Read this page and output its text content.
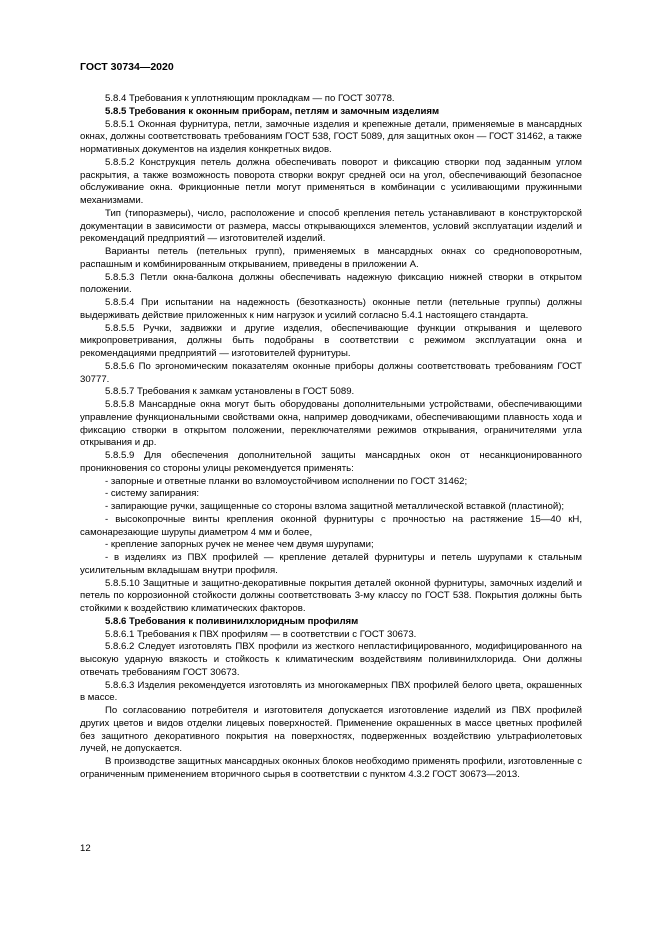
ГОСТ 30734—2020

5.8.4 Требования к уплотняющим прокладкам — по ГОСТ 30778.

5.8.5 Требования к оконным приборам, петлям и замочным изделиям

5.8.5.1 Оконная фурнитура, петли, замочные изделия и крепежные детали, применяемые в мансардных окнах, должны соответствовать требованиям ГОСТ 538, ГОСТ 5089, для защитных окон — ГОСТ 31462, а также нормативных документов на изделия конкретных видов.

5.8.5.2 Конструкция петель должна обеспечивать поворот и фиксацию створки под заданным углом раскрытия, а также возможность поворота створки вокруг средней оси на угол, обеспечивающий безопасное обслуживание окна. Фрикционные петли могут применяться в комбинации с усиливающими пружинными механизмами.

Тип (типоразмеры), число, расположение и способ крепления петель устанавливают в конструкторской документации в зависимости от размера, массы открывающихся элементов, условий эксплуатации изделий и рекомендаций предприятий — изготовителей изделий.

Варианты петель (петельных групп), применяемых в мансардных окнах со средноповоротным, распашным и комбинированным открыванием, приведены в приложении А.

5.8.5.3 Петли окна-балкона должны обеспечивать надежную фиксацию нижней створки в открытом положении.

5.8.5.4 При испытании на надежность (безотказность) оконные петли (петельные группы) должны выдерживать действие приложенных к ним нагрузок и усилий согласно 5.4.1 настоящего стандарта.

5.8.5.5 Ручки, задвижки и другие изделия, обеспечивающие функции открывания и щелевого микропроветривания, должны быть подобраны в соответствии с режимом эксплуатации окна и рекомендациями предприятий — изготовителей фурнитуры.

5.8.5.6 По эргономическим показателям оконные приборы должны соответствовать требованиям ГОСТ 30777.

5.8.5.7 Требования к замкам установлены в ГОСТ 5089.

5.8.5.8 Мансардные окна могут быть оборудованы дополнительными устройствами, обеспечивающими управление функциональными свойствами окна, например доводчиками, обеспечивающими плавность хода и фиксацию створки в открытом положении, переключателями режимов открывания, ограничителями угла открывания и др.

5.8.5.9 Для обеспечения дополнительной защиты мансардных окон от несанкционированного проникновения со стороны улицы рекомендуется применять:

- запорные и ответные планки во взломоустойчивом исполнении по ГОСТ 31462;

- систему запирания:

- запирающие ручки, защищенные со стороны взлома защитной металлической вставкой (пластиной);

- высокопрочные винты крепления оконной фурнитуры с прочностью на растяжение 15—40 кН, самонарезающие шурупы диаметром 4 мм и более,

- крепление запорных ручек не менее чем двумя шурупами;

- в изделиях из ПВХ профилей — крепление деталей фурнитуры и петель шурупами к стальным усилительным вкладышам внутри профиля.

5.8.5.10 Защитные и защитно-декоративные покрытия деталей оконной фурнитуры, замочных изделий и петель по коррозионной стойкости должны соответствовать 3-му классу по ГОСТ 538. Покрытия должны быть стойкими к воздействию климатических факторов.

5.8.6 Требования к поливинилхлоридным профилям

5.8.6.1 Требования к ПВХ профилям — в соответствии с ГОСТ 30673.

5.8.6.2 Следует изготовлять ПВХ профили из жесткого непластифицированного, модифицированного на высокую ударную вязкость и стойкость к климатическим воздействиям поливинилхлорида. Они должны отвечать требованиям ГОСТ 30673.

5.8.6.3 Изделия рекомендуется изготовлять из многокамерных ПВХ профилей белого цвета, окрашенных в массе.

По согласованию потребителя и изготовителя допускается изготовление изделий из ПВХ профилей других цветов и видов отделки лицевых поверхностей. Применение окрашенных в массе цветных профилей без защитного декоративного покрытия на поверхностях, подверженных воздействию ультрафиолетовых лучей, не допускается.

В производстве защитных мансардных оконных блоков необходимо применять профили, изготовленные с ограниченным применением вторичного сырья в соответствии с пунктом 4.3.2 ГОСТ 30673—2013.

12
